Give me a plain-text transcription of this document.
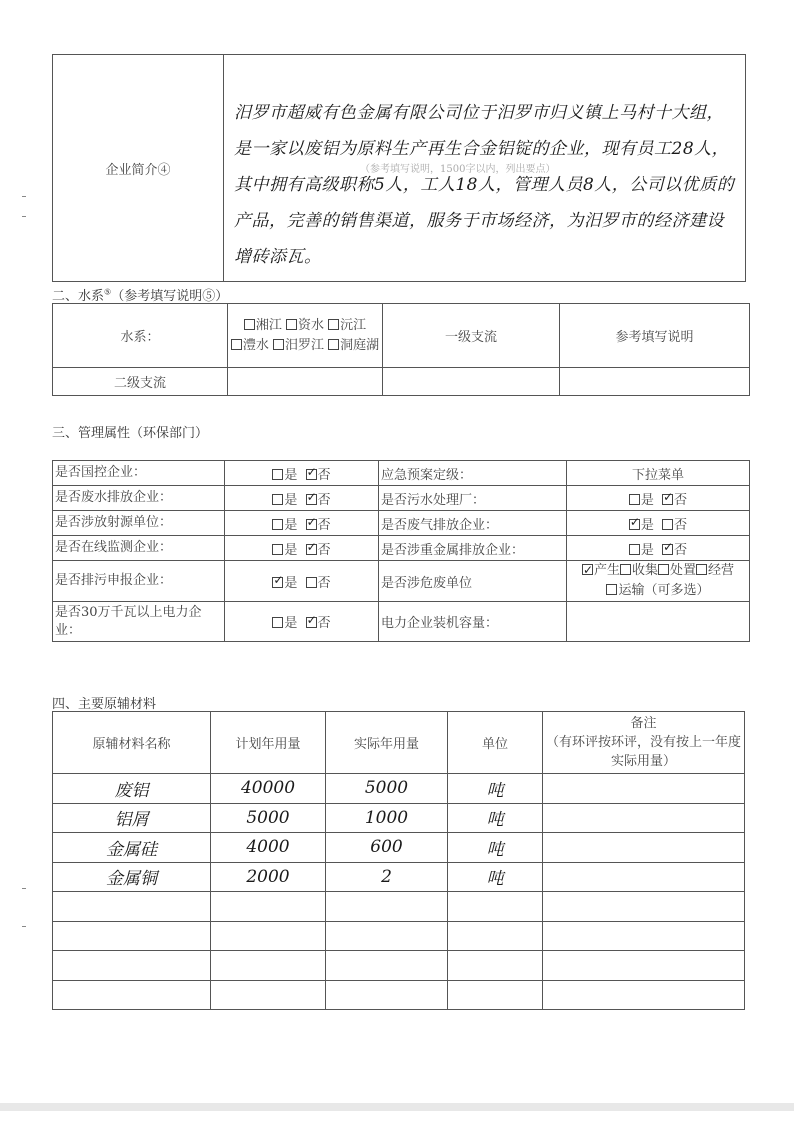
企业简介④	汨罗市超威有色金属有限公司位于汨罗市归义镇上马村十大组，是一家以废铝为原料生产再生合金铝锭的企业，现有员工28人，其中拥有高级职称5人，工人18人，管理人员8人，公司以优质的产品，完善的销售渠道，服务于市场经济，为汨罗市的经济建设增砖添瓦。
（参考填写说明，1500字以内，列出要点）
二、水系⑤（参考填写说明⑤）
水系：	湘江 资水 沅江 澧水 汨罗江 洞庭湖	一级支流	参考填写说明
二级支流			
三、管理属性（环保部门）
是否国控企业：	是 ✓ 否	应急预案定级：	下拉菜单
是否废水排放企业：	是 ✓ 否	是否污水处理厂：	是 ✓ 否
是否涉放射源单位：	是 ✓ 否	是否废气排放企业：	✓是 否
是否在线监测企业：	是 ✓ 否	是否涉重金属排放企业：	是 ✓ 否
是否排污申报企业：	✓是 否	是否涉危废单位	✓产生 收集 处置 经营
运输（可多选）
是否30万千瓦以上电力企业：	是 ✓ 否	电力企业装机容量：	
四、主要原辅材料
原辅材料名称	计划年用量	实际年用量	单位	备注
（有环评按环评，没有按上一年度实际用量）
废铝	40000	5000	吨	
铝屑	5000	1000	吨	
金属硅	4000	600	吨	
金属铜	2000	2	吨	
